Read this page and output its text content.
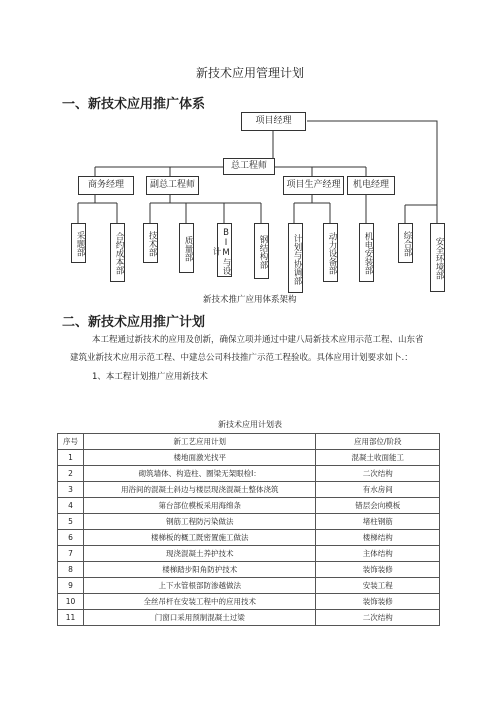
新技术应用管理计划
一、新技术应用推广体系
项目经理
总工程师
商务经理	副总工程师	项目生产经理	机电经理
采题部	合约成本部	技术部	质量部	BIM与设计	钢结构部	计划与协调部	动力设备部	机电安装部	综合部	安全环境部
新技术推广应用体系架构
二、新技术应用推广计划
本工程通过新技术的应用及创新，确保立项并通过中建八局新技术应用示范工程、山东省
建筑业新技术应用示范工程、中建总公司科技推广示范工程验收。具体应用计划要求如卜.：
1、本工程计划推广应用新技术
新技术应用计划表
序号	新工艺应用计划	应用部位/阶段
1	楼地面激光找平	混凝土收面能工
2	砌筑墙体、构造柱、圈梁无架眼检I：	二次结构
3	用浴间的混凝土斜边与楼层现浇混凝土整体浇筑	有水房间
4	第台部位模板采用海绵条	错层会向模板
5	钢筋工程防污染做法	堵柱钢筋
6	楼梯板的概工既密置施工做法	楼梯结构
7	现浇混凝土养护技术	主体结构
8	楼梯踏步阳角防护技术	装饰装修
9	上下水管根部防渗越做法	安装工程
10	全丝吊杆在安装工程中的应用技术	装饰装修
11	门窗口采用预制混凝土过梁	二次结构
